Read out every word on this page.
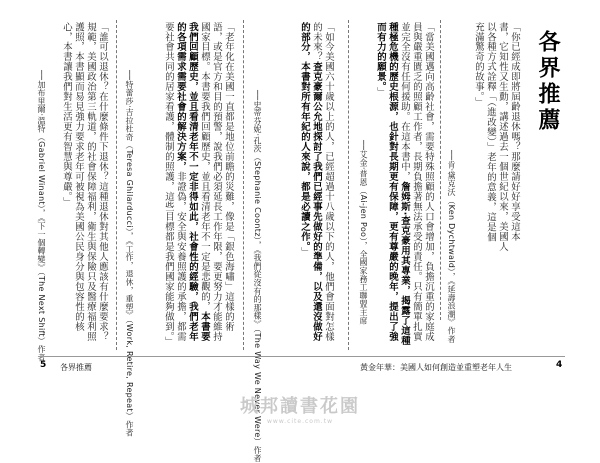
各界推薦
「你已經成即將屆齡退休嗎？那麼請好好享受這本書，它知性又生動，講述過去一個世紀以來，美國人以各種方式詮釋「（進改變）」老年的意義，這是個充滿驚奇的故事。」
──肯‧黛克沃（Ken Dychtwald），《延壽浪潮》作者
「當美國邁向高齡社會，需要特殊照顧的人口會增加，負擔沉重的家庭成員與嚴重匱乏的照顧工作者，長期負擔著無法承受的責任。只有簡單扎實並完全沒有任何援助。在這本書中，詹姆斯‧查克豪用其專業，揭露了這種種極危機的歷史根源，也針對長期更有保障，更有尊嚴的晚年，提出了強而有力的願景。」
──艾金‧普恩（Ai-jen Poo），全國家務工聯盟主席
「如今美國六十歲以上的人，已經超過十八歲以下的人，他們會面對怎樣的未來？查克豪爾公允地探討了我們已經事先做好的準備，以及還沒做好的部分，本書對所有年紀的人來說，都是必讀之作。」
──史蒂芬妮‧孔茨（Stephanie Coontz），《我們從沒有的那樣》（The Way We Never Were）作者
「老年化在美國一直都是地位前瞻的災難，像是「銀色海嘯」這樣的術語，或是官方和目的預警，說我們必須延長工作年限，要更努力才能維持國家目標。本書要我們回顧歷史，並且看清老年不一定是悲觀的，本書要我們回顧歷史，並且看清老年不一定非得如此，社會性的經驗，我們老年的各項需求需要社會的解決方案，非證偽，安全與安養照護的承擔，都需要社會共同的居家看護，體制的照護，這些目標都是我們國家能夠做到。」
──特蕾莎‧吉拉杜奇（Teresa Ghilarducci），《工作，退休，重塑》（Work, Retire, Repeat）作者
「誰可以退休？在什麼條件下退休？這種退休對其他人應該有什麼要求？規範，美國政治第三軌道，的社會保障福利，衛生與保險只及醫療福利照護照，本書顯而易見強力要求老年可被視為美國公民身分與包容性的核心，本書讓我們對生活更有智慧與尊嚴。」
──加布里爾‧溫特（Gabriel Winant），《下一個轉變》（The Next Shift）作者
5 各界推薦	黃金年華：美國人如何創造並重塑老年人生	4
城邦讀書花園
www.cite.com.tw
